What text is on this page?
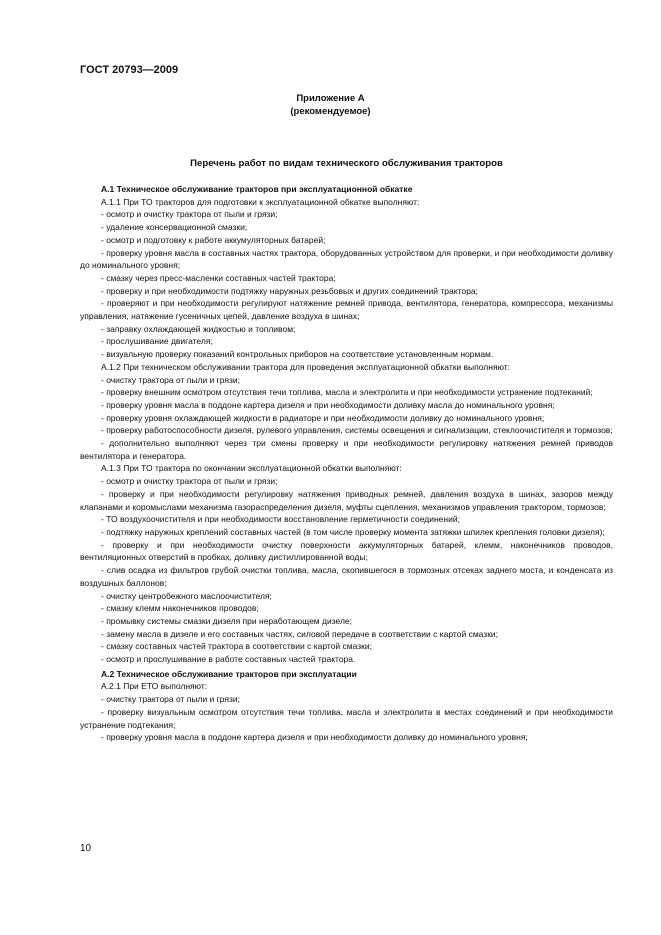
ГОСТ 20793—2009
Приложение А
(рекомендуемое)
Перечень работ по видам технического обслуживания тракторов

А.1 Техническое обслуживание тракторов при эксплуатационной обкатке

А.1.1 При ТО тракторов для подготовки к эксплуатационной обкатке выполняют:

- осмотр и очистку трактора от пыли и грязи;

- удаление консервационной смазки;

- осмотр и подготовку к работе аккумуляторных батарей;

- проверку уровня масла в составных частях трактора, оборудованных устройством для проверки, и при необходимости доливку до номинального уровня;

- смазку через пресс-масленки составных частей трактора;

- проверку и при необходимости подтяжку наружных резьбовых и других соединений трактора;

- проверяют и при необходимости регулируют натяжение ремней привода, вентилятора, генератора, компрессора, механизмы управления, натяжение гусеничных цепей, давление воздуха в шинах;

- заправку охлаждающей жидкостью и топливом;

- прослушивание двигателя;

- визуальную проверку показаний контрольных приборов на соответствие установленным нормам.

А.1.2 При техническом обслуживании трактора для проведения эксплуатационной обкатки выполняют:

- очистку трактора от пыли и грязи;

- проверку внешним осмотром отсутствия течи топлива, масла и электролита и при необходимости устранение подтеканий;

- проверку уровня масла в поддоне картера дизеля и при необходимости доливку масла до номинального уровня;

- проверку уровня охлаждающей жидкости в радиаторе и при необходимости доливку до номинального уровня;

- проверку работоспособности дизеля, рулевого управления, системы освещения и сигнализации, стеклоочистителя и тормозов;

- дополнительно выполняют через три смены проверку и при необходимости регулировку натяжения ремней приводов вентилятора и генератора.

А.1.3 При ТО трактора по окончании эксплуатационной обкатки выполняют:

- осмотр и очистку трактора от пыли и грязи;

- проверку и при необходимости регулировку натяжения приводных ремней, давления воздуха в шинах, зазоров между клапанами и коромыслами механизма газораспределения дизеля, муфты сцепления, механизмов управления трактором, тормозов;

- ТО воздухоочистителя и при необходимости восстановление герметичности соединений;

- подтяжку наружных креплений составных частей (в том числе проверку момента затяжки шпилек крепления головки дизеля);

- проверку и при необходимости очистку поверхности аккумуляторных батарей, клемм, наконечников проводов, вентиляционных отверстий в пробках, доливку дистиллированной воды;

- слив осадка из фильтров грубой очистки топлива, масла, скопившегося в тормозных отсеках заднего моста, и конденсата из воздушных баллонов;

- очистку центробежного маслоочистителя;

- смазку клемм наконечников проводов;

- промывку системы смазки дизеля при неработающем дизеле;

- замену масла в дизеле и его составных частях, силовой передаче в соответствии с картой смазки;

- смазку составных частей трактора в соответствии с картой смазки;

- осмотр и прослушивание в работе составных частей трактора.

А.2 Техническое обслуживание тракторов при эксплуатации

А.2.1 При ЕТО выполняют:

- очистку трактора от пыли и грязи;

- проверку визуальным осмотром отсутствия течи топлива, масла и электролита в местах соединений и при необходимости устранение подтекания;

- проверку уровня масла в поддоне картера дизеля и при необходимости доливку до номинального уровня;

10
